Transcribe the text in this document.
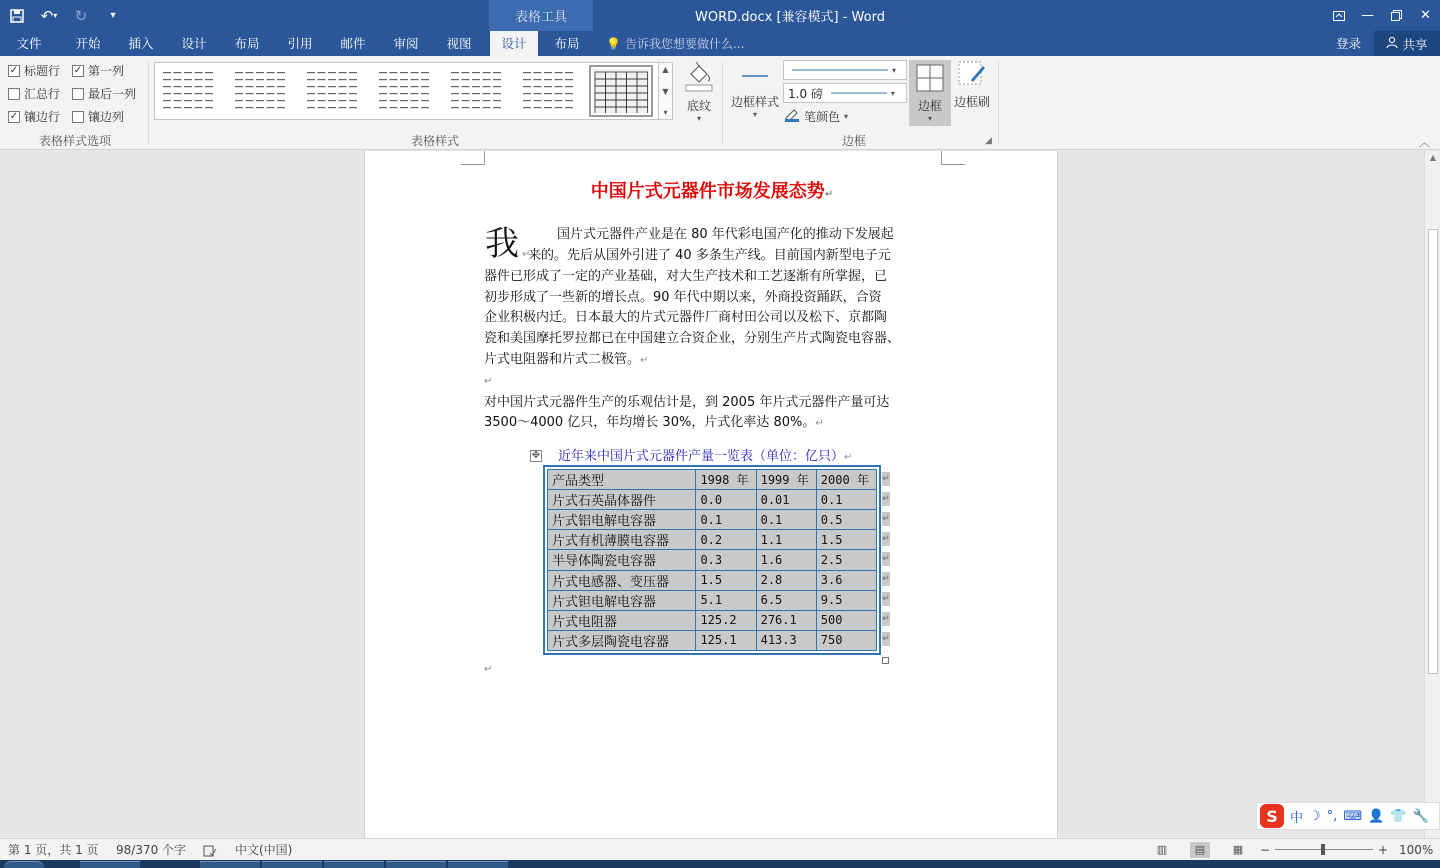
↶ ▾	↻	▾	表格工具	WORD.docx [兼容模式] - Word	—	✕
文件	开始	插入	设计	布局	引用	邮件	审阅	视图	设计	布局	💡 告诉我您想要做什么...	登录	共享
✓ 标题行 ✓ 第一列
汇总行 最后一列
✓ 镶边行 镶边列
表格样式选项
▲
▼
▾ 底纹
▾
表格样式
边框样式
▾
▾
1.0 磅	▾
笔颜色 ▾
边框
▾
边框刷
边框	◢	︿
中国片式元器件市场发展态势↵
我 ↵
国片式元器件产业是在 80 年代彩电国产化的推动下发展起
来的。先后从国外引进了 40 多条生产线。目前国内新型电子元
器件已形成了一定的产业基础，对大生产技术和工艺逐渐有所掌握，已
初步形成了一些新的增长点。90 年代中期以来，外商投资踊跃，合资
企业积极内迁。日本最大的片式元器件厂商村田公司以及松下、京都陶
瓷和美国摩托罗拉都已在中国建立合资企业，分别生产片式陶瓷电容器、
片式电阻器和片式二极管。↵
↵
对中国片式元器件生产的乐观估计是，到 2005 年片式元器件产量可达
3500～4000 亿只，年均增长 30%，片式化率达 80%。↵
✥ 近年来中国片式元器件产量一览表（单位：亿只）↵
产品类型	1998 年	1999 年	2000 年
片式石英晶体器件	0.0	0.01	0.1
片式铝电解电容器	0.1	0.1	0.5
片式有机薄膜电容器	0.2	1.1	1.5
半导体陶瓷电容器	0.3	1.6	2.5
片式电感器、变压器	1.5	2.8	3.6
片式钽电解电容器	5.1	6.5	9.5
片式电阻器	125.2	276.1	500
片式多层陶瓷电容器	125.1	413.3	750
↵
↵
↵
↵
↵
↵
↵
↵
↵
↵
▲
S 中 ☽ °, ⌨ 👤 👕 🔧
第 1 页，共 1 页 98/370 个字	中文(中国)	▥	▤	▦	−	+ 100%
